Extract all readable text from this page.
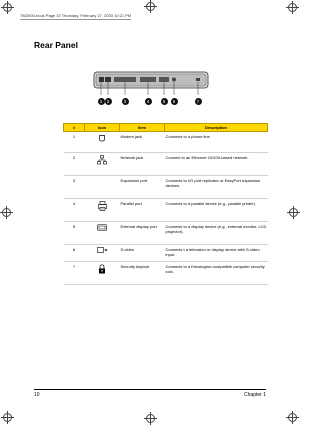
TM2000-book Page 10 Thursday, February 27, 2003 10:21 PM
Rear Panel
1 2	3	4	5	6	7
#	Icon	Item	Description
1		Modem jack	Connects to a phone line.
2		Network jack	Connect to an Ethernet 10/100-based network.
3		Expansion port	Connects to I/O port replicator or EasyPort expansion devices.
4		Parallel port	Connects to a parallel device (e.g., parallel printer).
5		External display port	Connects to a display device (e.g., external monitor, LCD projector).
6		S-video	Connects t a television or display device with S-video input.
7		Security keylock	Connects to a Kensington-compatible computer security lock.
10	Chapter 1
